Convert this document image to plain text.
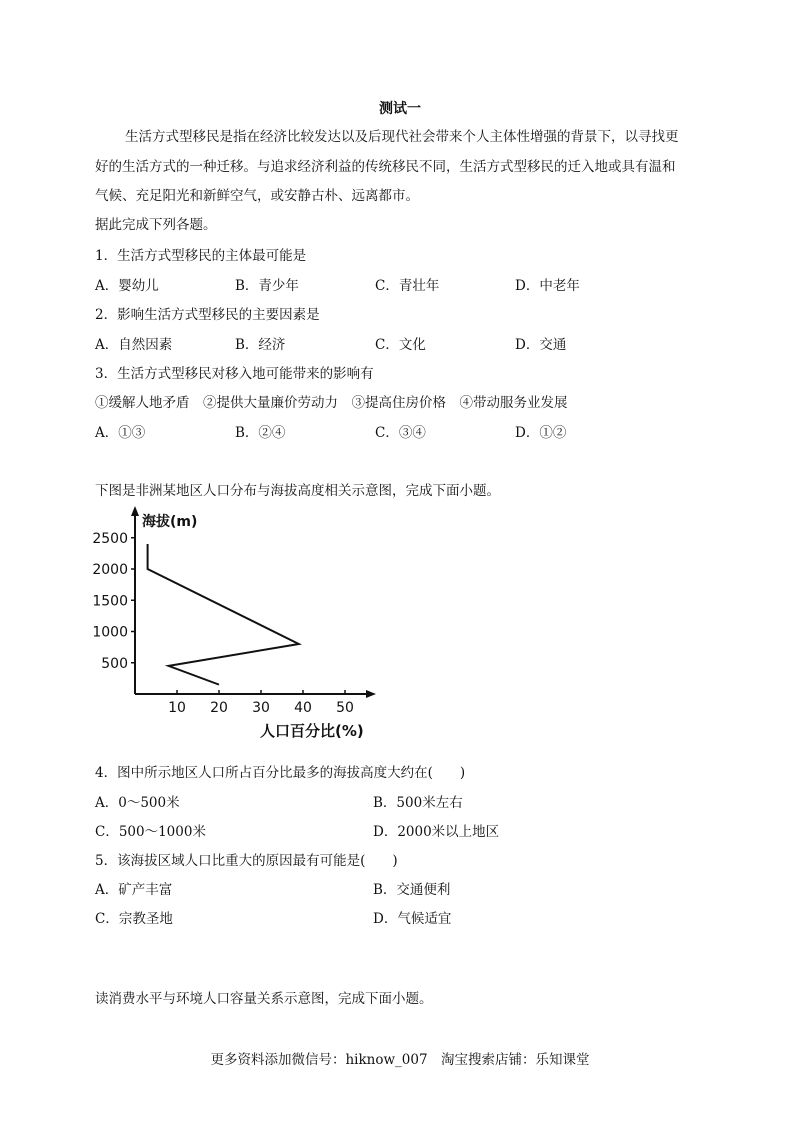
测试一
生活方式型移民是指在经济比较发达以及后现代社会带来个人主体性增强的背景下，以寻找更
好的生活方式的一种迁移。与追求经济利益的传统移民不同，生活方式型移民的迁入地或具有温和
气候、充足阳光和新鲜空气，或安静古朴、远离都市。
据此完成下列各题。
1．生活方式型移民的主体最可能是
A．婴幼儿	B．青少年	C．青壮年	D．中老年
2．影响生活方式型移民的主要因素是
A．自然因素	B．经济	C．文化	D．交通
3．生活方式型移民对移入地可能带来的影响有
①缓解人地矛盾　②提供大量廉价劳动力　③提高住房价格　④带动服务业发展
A．①③	B．②④	C．③④	D．①②
下图是非洲某地区人口分布与海拔高度相关示意图，完成下面小题。
海拔(m)
人口百分比(%)
2500
2000
1500
1000
500
10 20 30 40 50
4．图中所示地区人口所占百分比最多的海拔高度大约在(　　)
A．0～500米	B．500米左右
C．500～1000米	D．2000米以上地区
5．该海拔区域人口比重大的原因最有可能是(　　)
A．矿产丰富	B．交通便利
C．宗教圣地	D．气候适宜
读消费水平与环境人口容量关系示意图，完成下面小题。
更多资料添加微信号：hiknow_007　淘宝搜索店铺：乐知课堂
